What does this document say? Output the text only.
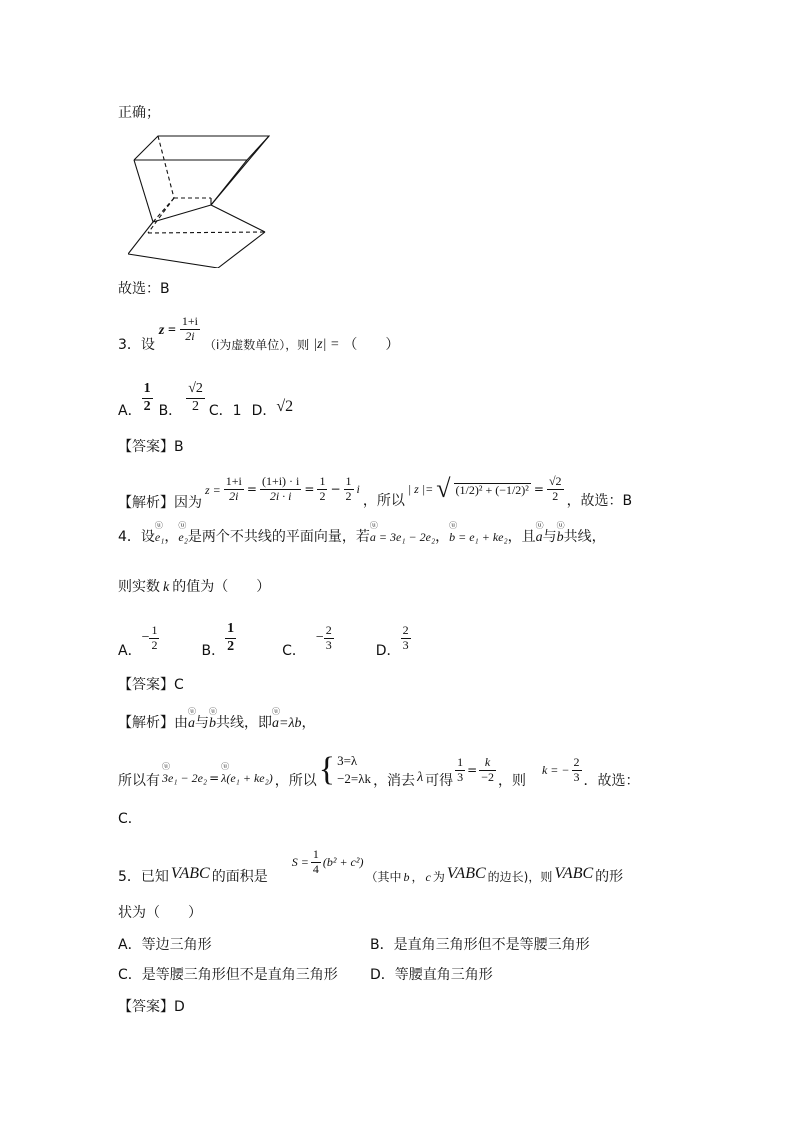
正确；
故选：B
3．设
$z = \frac{1+i}{2i}$
（i为虚数单位），则 |z| = （　　）
A． $\frac{1}{2}$ B． $\frac{√2}{2}$ C．1 D． √2
【答案】B
【解析】因为
$z = \frac{1+i}{2i} = \frac{(1+i) \cdot i}{2i \cdot i} = \frac{1}{2} - \frac{1}{2}$ i
，所以
| z |= √ $(1/2)^2 + (-1/2)^2 = \frac{√2}{2}$ ，故选：B
4．设 ⓤ e₁ ， ⓤ e₂ 是两个不共线的平面向量，若 ⓤ a = 3e₁ − 2e₂ ， ⓤ b = e₁ + ke₂ ，且 ⓤ a 与 ⓤ b 共线，
则实数 k 的值为（　　）
A．
− $\frac{1}{2}$	B． $\frac{1}{2}$	C．
− $\frac{2}{3}$	D． $\frac{2}{3}$
【答案】C
【解析】由 ⓤ a 与 ⓤ b 共线，即 ⓤ a=λb ，
所以有 ⓤ 3e₁ − 2e₂ = ⓤ λ(e₁ + ke₂) ，所以 { 3=λ
−2=λk ，消去 λ 可得 $\frac{1}{3} = \frac{k}{-2}$ ，则
k = − $\frac{2}{3}$ ．故选：
C．
5．已知 VABC 的面积是
$S = \frac{1}{4} (b^2 + c^2)$
（其中 b ， c 为 VABC 的边长)，则 VABC 的形
状为（　　）
A．等边三角形	B．是直角三角形但不是等腰三角形
C．是等腰三角形但不是直角三角形 D．等腰直角三角形
【答案】D
